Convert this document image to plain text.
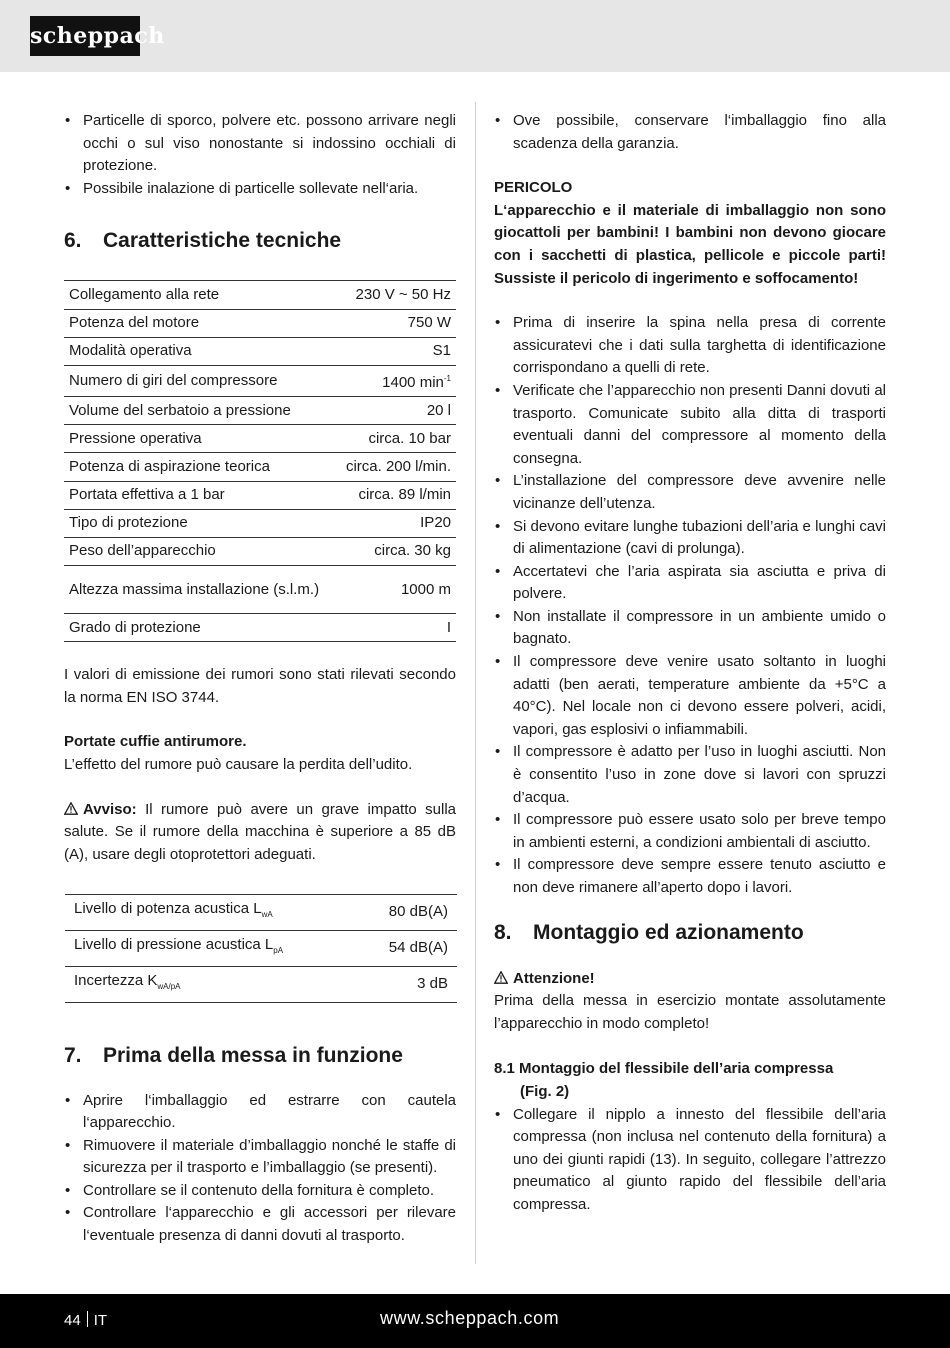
scheppach
• Particelle di sporco, polvere etc. possono arrivare negli occhi o sul viso nonostante si indossino occhiali di protezione.
• Possibile inalazione di particelle sollevate nell‘aria.
6.	Caratteristiche tecniche
Collegamento alla rete	230 V ~ 50 Hz
Potenza del motore	750 W
Modalità operativa	S1
Numero di giri del compressore	1400 $\min^{-1}$
Volume del serbatoio a pressione	20 l
Pressione operativa	circa. 10 bar
Potenza di aspirazione teorica	circa. 200 l/min.
Portata effettiva a 1 bar	circa. 89 l/min
Tipo di protezione	IP20
Peso dell’apparecchio	circa. 30 kg
Altezza massima installazione (s.l.m.)	1000 m
Grado di protezione	I

I valori di emissione dei rumori sono stati rilevati secondo la norma EN ISO 3744.

Portate cuffie antirumore.

L’effetto del rumore può causare la perdita dell’udito.

Avviso: Il rumore può avere un grave impatto sulla salute. Se il rumore della macchina è superiore a 85 dB (A), usare degli otoprotettori adeguati.

Livello di potenza acustica $L_{wA}$	80 dB(A)
Livello di pressione acustica $L_{pA}$	54 dB(A)
Incertezza $K_{wA/pA}$	3 dB
7.	Prima della messa in funzione
• Aprire l‘imballaggio ed estrarre con cautela l‘apparecchio.
• Rimuovere il materiale d’imballaggio nonché le staffe di sicurezza per il trasporto e l’imballaggio (se presenti).
• Controllare se il contenuto della fornitura è completo.
• Controllare l‘apparecchio e gli accessori per rilevare l‘eventuale presenza di danni dovuti al trasporto.
• Ove possibile, conservare l‘imballaggio fino alla scadenza della garanzia.

PERICOLO

L‘apparecchio e il materiale di imballaggio non sono giocattoli per bambini! I bambini non devono giocare con i sacchetti di plastica, pellicole e piccole parti! Sussiste il pericolo di ingerimento e soffocamento!

• Prima di inserire la spina nella presa di corrente assicuratevi che i dati sulla targhetta di identificazione corrispondano a quelli di rete.
• Verificate che l’apparecchio non presenti Danni dovuti al trasporto. Comunicate subito alla ditta di trasporti eventuali danni del compressore al momento della consegna.
• L’installazione del compressore deve avvenire nelle vicinanze dell’utenza.
• Si devono evitare lunghe tubazioni dell’aria e lunghi cavi di alimentazione (cavi di prolunga).
• Accertatevi che l’aria aspirata sia asciutta e priva di polvere.
• Non installate il compressore in un ambiente umido o bagnato.
• Il compressore deve venire usato soltanto in luoghi adatti (ben aerati, temperature ambiente da +5°C a 40°C). Nel locale non ci devono essere polveri, acidi, vapori, gas esplosivi o infiammabili.
• Il compressore è adatto per l’uso in luoghi asciutti. Non è consentito l’uso in zone dove si lavori con spruzzi d’acqua.
• Il compressore può essere usato solo per breve tempo in ambienti esterni, a condizioni ambientali di asciutto.
• Il compressore deve sempre essere tenuto asciutto e non deve rimanere all’aperto dopo i lavori.
8.	Montaggio ed azionamento

Attenzione!

Prima della messa in esercizio montate assolutamente l’apparecchio in modo completo!

8.1 Montaggio del flessibile dell’aria compressa

(Fig. 2)

• Collegare il nipplo a innesto del flessibile dell’aria compressa (non inclusa nel contenuto della fornitura) a uno dei giunti rapidi (13). In seguito, collegare l’attrezzo pneumatico al giunto rapido del flessibile dell’aria compressa.
44 IT	www.scheppach.com
